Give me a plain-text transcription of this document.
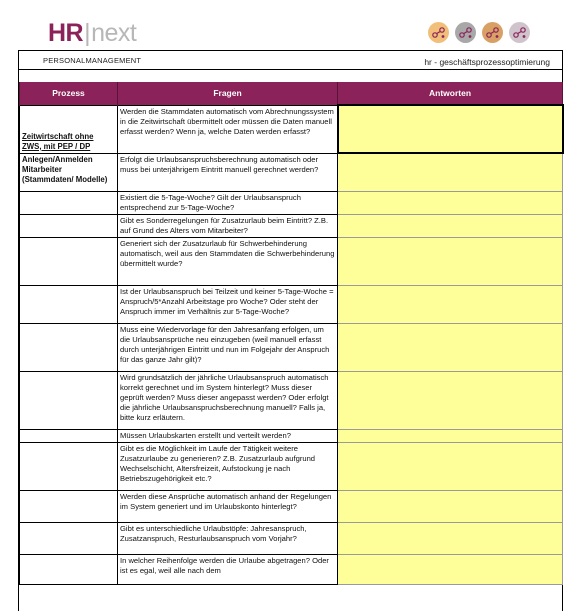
HR|next
PERSONALMANAGEMENT	hr - geschäftsprozessoptimierung
Prozess	Fragen	Antworten
Zeitwirtschaft ohne ZWS, mit PEP / DP	Werden die Stammdaten automatisch vom Abrechnungssystem in die Zeitwirtschaft übermittelt oder müssen die Daten manuell erfasst werden? Wenn ja, welche Daten werden erfasst?	
Anlegen/Anmelden Mitarbeiter (Stammdaten/ Modelle)	Erfolgt die Urlaubsanspruchsberechnung automatisch oder muss bei unterjährigem Eintritt manuell gerechnet werden?	
	Existiert die 5-Tage-Woche? Gilt der Urlaubsanspruch entsprechend zur 5-Tage-Woche?	
	Gibt es Sonderregelungen für Zusatzurlaub beim Eintritt? Z.B. auf Grund des Alters vom Mitarbeiter?	
	Generiert sich der Zusatzurlaub für Schwerbehinderung automatisch, weil aus den Stammdaten die Schwerbehinderung übermittelt wurde?	
	Ist der Urlaubsanspruch bei Teilzeit und keiner 5-Tage-Woche = Anspruch/5*Anzahl Arbeitstage pro Woche? Oder steht der Anspruch immer im Verhältnis zur 5-Tage-Woche?	
	Muss eine Wiedervorlage für den Jahresanfang erfolgen, um die Urlaubsansprüche neu einzugeben (weil manuell erfasst durch unterjährigen Eintritt und nun im Folgejahr der Anspruch für das ganze Jahr gilt)?	
	Wird grundsätzlich der jährliche Urlaubsanspruch automatisch korrekt gerechnet und im System hinterlegt? Muss dieser geprüft werden? Muss dieser angepasst werden? Oder erfolgt die jährliche Urlaubsanspruchsberechnung manuell? Falls ja, bitte kurz erläutern.	
	Müssen Urlaubskarten erstellt und verteilt werden?	
	Gibt es die Möglichkeit im Laufe der Tätigkeit weitere Zusatzurlaube zu generieren? Z.B. Zusatzurlaub aufgrund Wechselschicht, Altersfreizeit, Aufstockung je nach Betriebszugehörigkeit etc.?	
	Werden diese Ansprüche automatisch anhand der Regelungen im System generiert und im Urlaubskonto hinterlegt?	
	Gibt es unterschiedliche Urlaubstöpfe: Jahresanspruch, Zusatzanspruch, Resturlaubsanspruch vom Vorjahr?	
	In welcher Reihenfolge werden die Urlaube abgetragen? Oder ist es egal, weil alle nach dem	
